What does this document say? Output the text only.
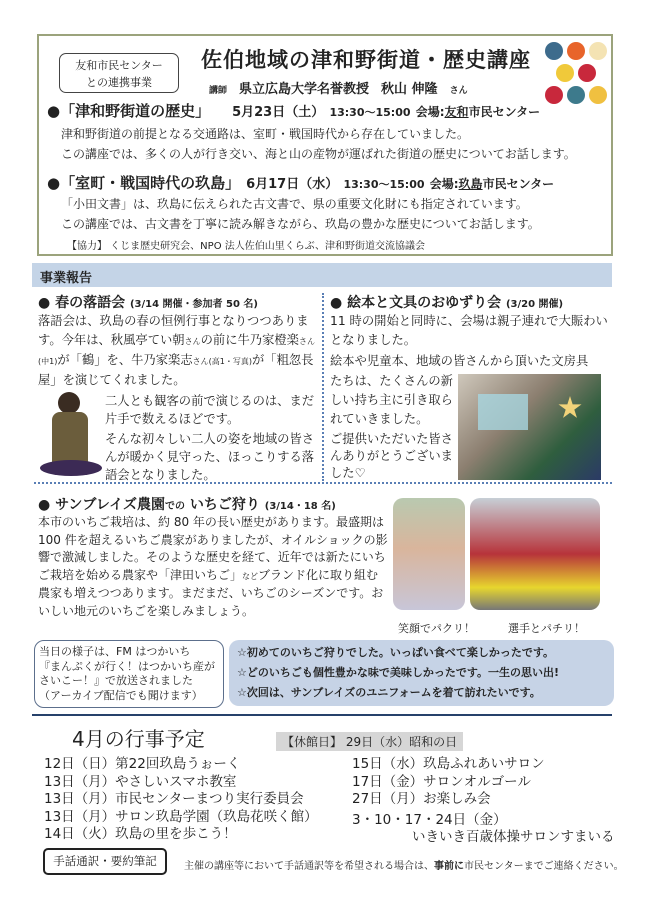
友和市民センター
との連携事業
佐伯地域の津和野街道・歴史講座
講師 県立広島大学名誉教授 秋山 伸隆 さん
●「津和野街道の歴史」 5月23日（土） 13:30～15:00 会場:友和市民センター
津和野街道の前提となる交通路は、室町・戦国時代から存在していました。
この講座では、多くの人が行き交い、海と山の産物が運ばれた街道の歴史についてお話します。
●「室町・戦国時代の玖島」 6月17日（水） 13:30～15:00 会場:玖島市民センター
「小田文書」は、玖島に伝えられた古文書で、県の重要文化財にも指定されています。
この講座では、古文書を丁寧に読み解きながら、玖島の豊かな歴史についてお話します。
【協力】 くじま歴史研究会、NPO 法人佐伯山里くらぶ、津和野街道交流協議会
事業報告
● 春の落語会 (3/14 開催・参加者 50 名)
落語会は、玖島の春の恒例行事となりつつあります。今年は、秋風亭てい朝さんの前に牛乃家橙楽さん(中1)が「鶴」を、牛乃家楽志さん(高1・写真)が「粗忽長屋」を演じてくれました。
二人とも観客の前で演じるのは、まだ片手で数えるほどです。
そんな初々しい二人の姿を地域の皆さんが暖かく見守った、ほっこりする落語会となりました。
● 絵本と文具のおゆずり会 (3/20 開催)
11 時の開始と同時に、会場は親子連れで大賑わいとなりました。
絵本や児童本、地域の皆さんから頂いた文房具
たちは、たくさんの新しい持ち主に引き取られていきました。
ご提供いただいた皆さんありがとうございました♡
● サンブレイズ農園での いちご狩り (3/14・18 名)
本市のいちご栽培は、約 80 年の長い歴史があります。最盛期は 100 件を超えるいちご農家がありましたが、オイルショックの影響で激減しました。そのような歴史を経て、近年では新たにいちご栽培を始める農家や「津田いちご」などブランド化に取り組む農家も増えつつあります。まだまだ、いちごのシーズンです。おいしい地元のいちごを楽しみましょう。
笑顔でパクリ！	選手とパチリ！
当日の様子は、FM はつかいち
『まんぷくが行く！はつかいち産がさいこー！』で放送されました
（アーカイブ配信でも聞けます）
☆初めてのいちご狩りでした。いっぱい食べて楽しかったです。
☆どのいちごも個性豊かな味で美味しかったです。一生の思い出!
☆次回は、サンブレイズのユニフォームを着て訪れたいです。
4月の行事予定	【休館日】 29日（水）昭和の日
12日（日）第22回玖島うぉーく
13日（月）やさしいスマホ教室
13日（月）市民センターまつり実行委員会
13日（月）サロン玖島学園（玖島花咲く館）
14日（火）玖島の里を歩こう！
15日（水）玖島ふれあいサロン
17日（金）サロンオルゴール
27日（月）お楽しみ会
3・10・17・24日（金）
いきいき百歳体操サロンすまいる
手話通訳・要約筆記	主催の講座等において手話通訳等を希望される場合は、事前に市民センターまでご連絡ください。
